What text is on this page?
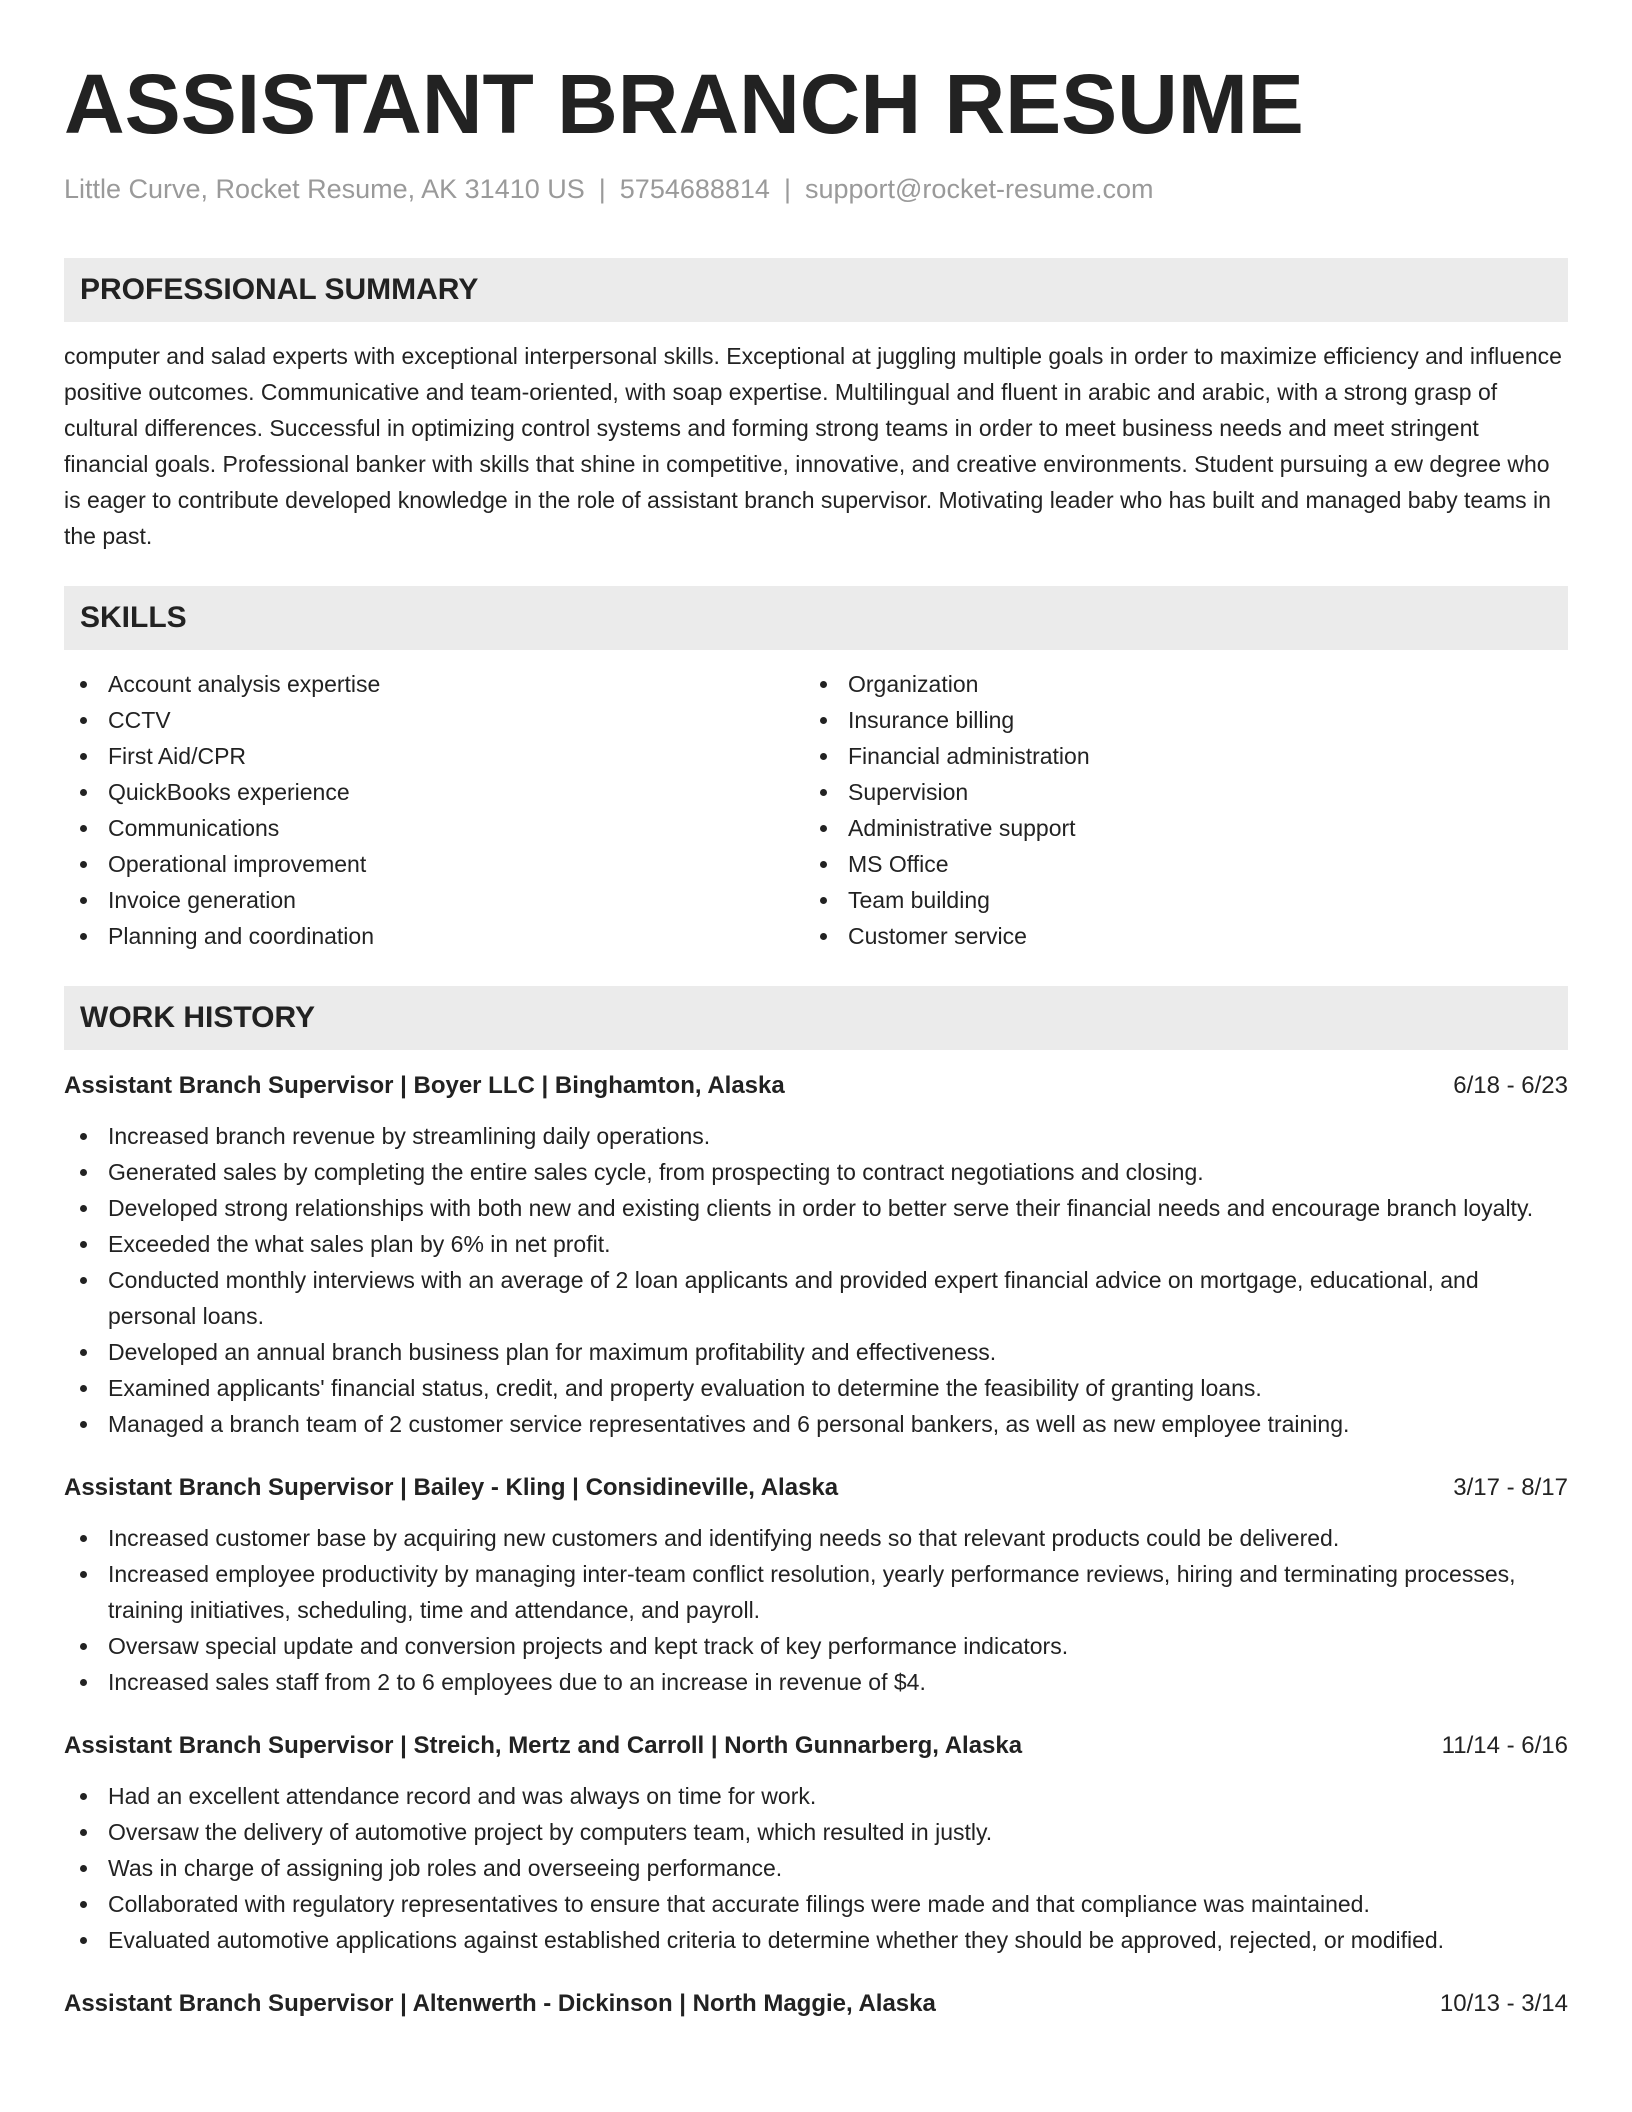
ASSISTANT BRANCH RESUME
Little Curve, Rocket Resume, AK 31410 US | 5754688814 | support@rocket-resume.com
PROFESSIONAL SUMMARY

computer and salad experts with exceptional interpersonal skills. Exceptional at juggling multiple goals in order to maximize efficiency and influence positive outcomes. Communicative and team-oriented, with soap expertise. Multilingual and fluent in arabic and arabic, with a strong grasp of cultural differences. Successful in optimizing control systems and forming strong teams in order to meet business needs and meet stringent financial goals. Professional banker with skills that shine in competitive, innovative, and creative environments. Student pursuing a ew degree who is eager to contribute developed knowledge in the role of assistant branch supervisor. Motivating leader who has built and managed baby teams in the past.

SKILLS
Account analysis expertise
CCTV
First Aid/CPR
QuickBooks experience
Communications
Operational improvement
Invoice generation
Planning and coordination
Organization
Insurance billing
Financial administration
Supervision
Administrative support
MS Office
Team building
Customer service
WORK HISTORY
Assistant Branch Supervisor | Boyer LLC | Binghamton, Alaska	6/18 - 6/23
Increased branch revenue by streamlining daily operations.
Generated sales by completing the entire sales cycle, from prospecting to contract negotiations and closing.
Developed strong relationships with both new and existing clients in order to better serve their financial needs and encourage branch loyalty.
Exceeded the what sales plan by 6% in net profit.
Conducted monthly interviews with an average of 2 loan applicants and provided expert financial advice on mortgage, educational, and personal loans.
Developed an annual branch business plan for maximum profitability and effectiveness.
Examined applicants' financial status, credit, and property evaluation to determine the feasibility of granting loans.
Managed a branch team of 2 customer service representatives and 6 personal bankers, as well as new employee training.
Assistant Branch Supervisor | Bailey - Kling | Considineville, Alaska	3/17 - 8/17
Increased customer base by acquiring new customers and identifying needs so that relevant products could be delivered.
Increased employee productivity by managing inter-team conflict resolution, yearly performance reviews, hiring and terminating processes, training initiatives, scheduling, time and attendance, and payroll.
Oversaw special update and conversion projects and kept track of key performance indicators.
Increased sales staff from 2 to 6 employees due to an increase in revenue of $4.
Assistant Branch Supervisor | Streich, Mertz and Carroll | North Gunnarberg, Alaska	11/14 - 6/16
Had an excellent attendance record and was always on time for work.
Oversaw the delivery of automotive project by computers team, which resulted in justly.
Was in charge of assigning job roles and overseeing performance.
Collaborated with regulatory representatives to ensure that accurate filings were made and that compliance was maintained.
Evaluated automotive applications against established criteria to determine whether they should be approved, rejected, or modified.
Assistant Branch Supervisor | Altenwerth - Dickinson | North Maggie, Alaska	10/13 - 3/14
